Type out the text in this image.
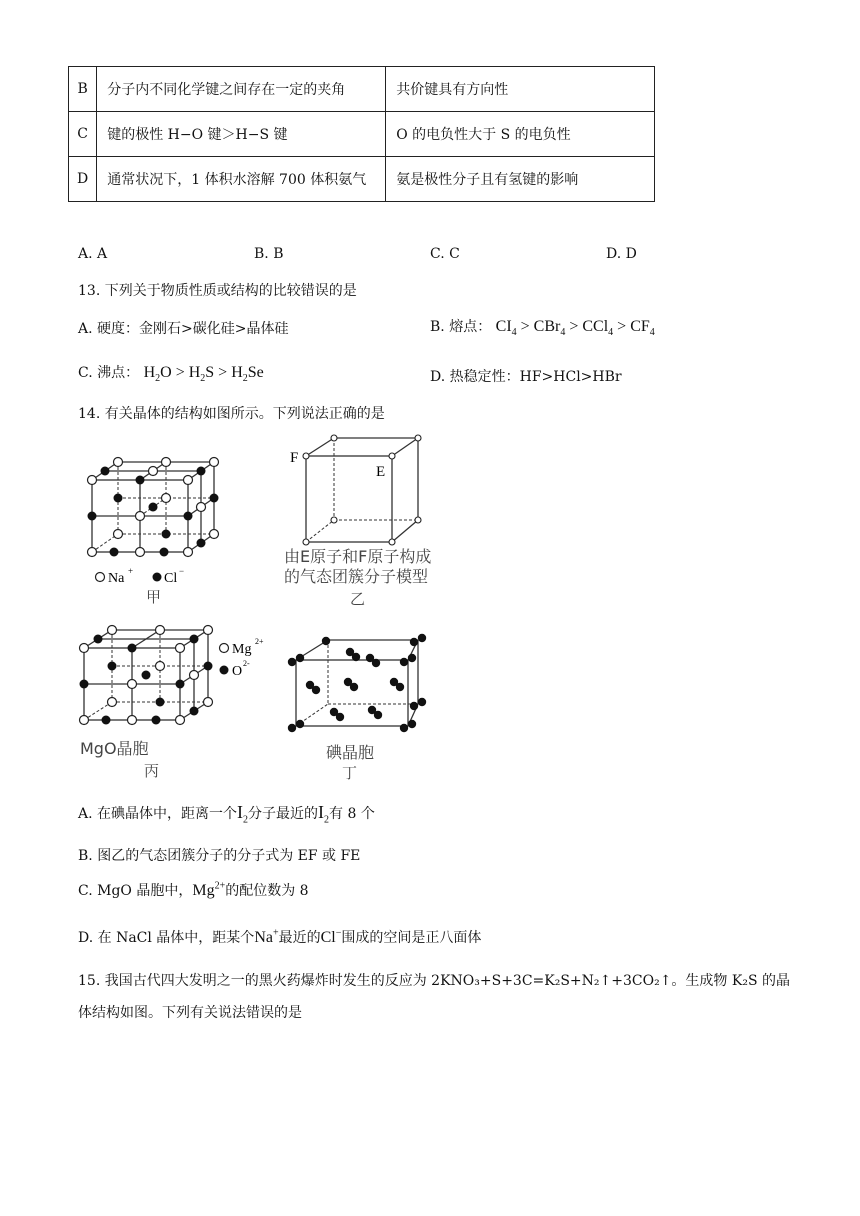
B	分子内不同化学键之间存在一定的夹角	共价键具有方向性
C	键的极性 H−O 键＞H−S 键	O 的电负性大于 S 的电负性
D	通常状况下，1 体积水溶解 700 体积氨气	氨是极性分子且有氢键的影响
A. A	B. B	C. C	D. D
13. 下列关于物质性质或结构的比较错误的是
A. 硬度：金刚石>碳化硅>晶体硅	B. 熔点： $CI_4 > CBr_4 > CCl_4 > CF_4$
C. 沸点： $H_2O > H_2S > H_2Se$	D. 热稳定性：HF>HCl>HBr
14. 有关晶体的结构如图所示。下列说法正确的是
Na + Cl −
甲
F
E
由E原子和F原子构成
的气态团簇分子模型
乙
Mg
2+
O
2-
MgO晶胞
丙
碘晶胞
丁
A. 在碘晶体中，距离一个$I_2$分子最近的$I_2$有 8 个
B. 图乙的气态团簇分子的分子式为 EF 或 FE
C. MgO 晶胞中，$Mg^{2+}$的配位数为 8
D. 在 NaCl 晶体中，距某个Na+最近的Cl−围成的空间是正八面体
15. 我国古代四大发明之一的黑火药爆炸时发生的反应为 2KNO₃+S+3C=K₂S+N₂↑+3CO₂↑。生成物 K₂S 的晶
体结构如图。下列有关说法错误的是
